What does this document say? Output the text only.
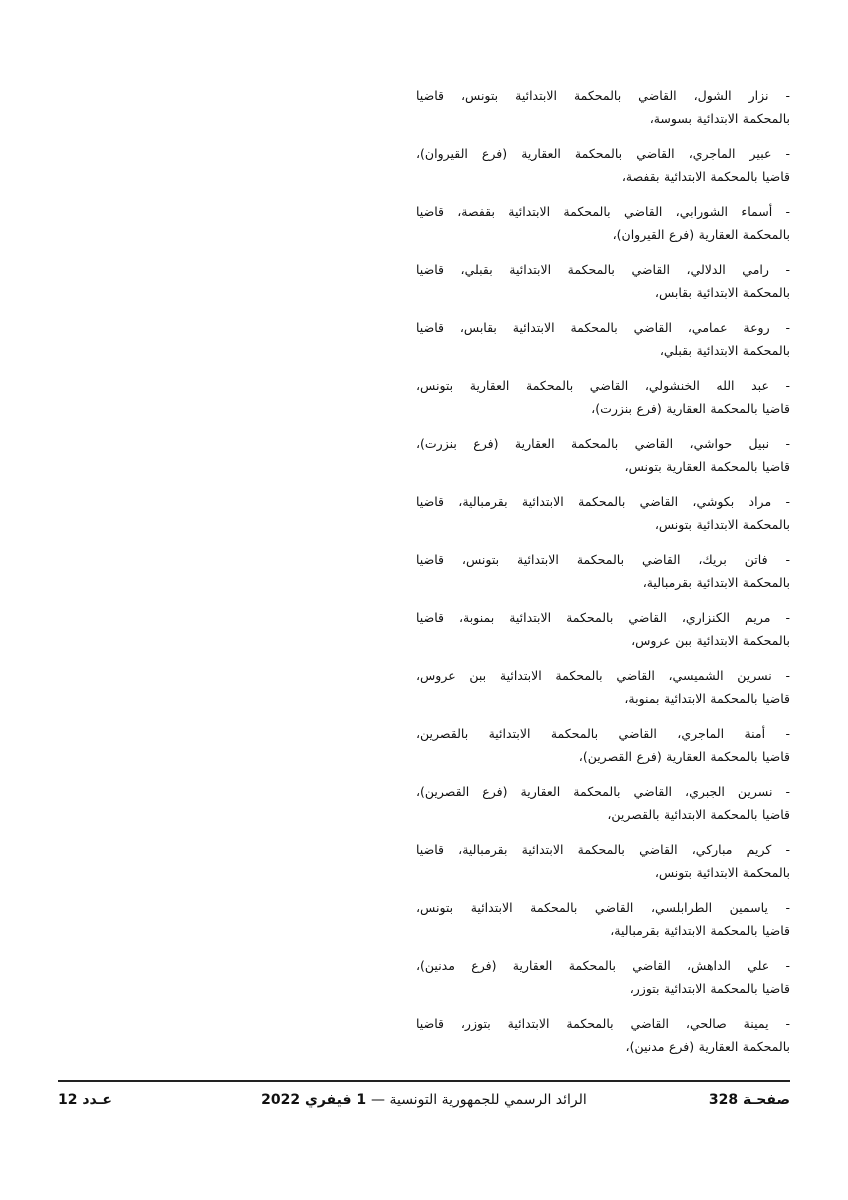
- نزار الشول، القاضي بالمحكمة الابتدائية بتونس، قاضيا
بالمحكمة الابتدائية بسوسة،
- عبير الماجري، القاضي بالمحكمة العقارية (فرع القيروان)،
قاضيا بالمحكمة الابتدائية بقفصة،
- أسماء الشورابي، القاضي بالمحكمة الابتدائية بقفصة، قاضيا
بالمحكمة العقارية (فرع القيروان)،
- رامي الدلالي، القاضي بالمحكمة الابتدائية بقبلي، قاضيا
بالمحكمة الابتدائية بقابس،
- روعة عمامي، القاضي بالمحكمة الابتدائية بقابس، قاضيا
بالمحكمة الابتدائية بقبلي،
- عبد الله الخنشولي، القاضي بالمحكمة العقارية بتونس،
قاضيا بالمحكمة العقارية (فرع بنزرت)،
- نبيل حواشي، القاضي بالمحكمة العقارية (فرع بنزرت)،
قاضيا بالمحكمة العقارية بتونس،
- مراد بكوشي، القاضي بالمحكمة الابتدائية بقرمبالية، قاضيا
بالمحكمة الابتدائية بتونس،
- فاتن بريك، القاضي بالمحكمة الابتدائية بتونس، قاضيا
بالمحكمة الابتدائية بقرمبالية،
- مريم الكنزاري، القاضي بالمحكمة الابتدائية بمنوبة، قاضيا
بالمحكمة الابتدائية ببن عروس،
- نسرين الشميسي، القاضي بالمحكمة الابتدائية ببن عروس،
قاضيا بالمحكمة الابتدائية بمنوبة،
- أمنة الماجري، القاضي بالمحكمة الابتدائية بالقصرين،
قاضيا بالمحكمة العقارية (فرع القصرين)،
- نسرين الجبري، القاضي بالمحكمة العقارية (فرع القصرين)،
قاضيا بالمحكمة الابتدائية بالقصرين،
- كريم مباركي، القاضي بالمحكمة الابتدائية بقرمبالية، قاضيا
بالمحكمة الابتدائية بتونس،
- ياسمين الطرابلسي، القاضي بالمحكمة الابتدائية بتونس،
قاضيا بالمحكمة الابتدائية بقرمبالية،
- علي الداهش، القاضي بالمحكمة العقارية (فرع مدنين)،
قاضيا بالمحكمة الابتدائية بتوزر،
- يمينة صالحي، القاضي بالمحكمة الابتدائية بتوزر، قاضيا
بالمحكمة العقارية (فرع مدنين)،
صفحـة 328
الرائد الرسمي للجمهورية التونسية — 1 فيفري 2022
عـدد 12
